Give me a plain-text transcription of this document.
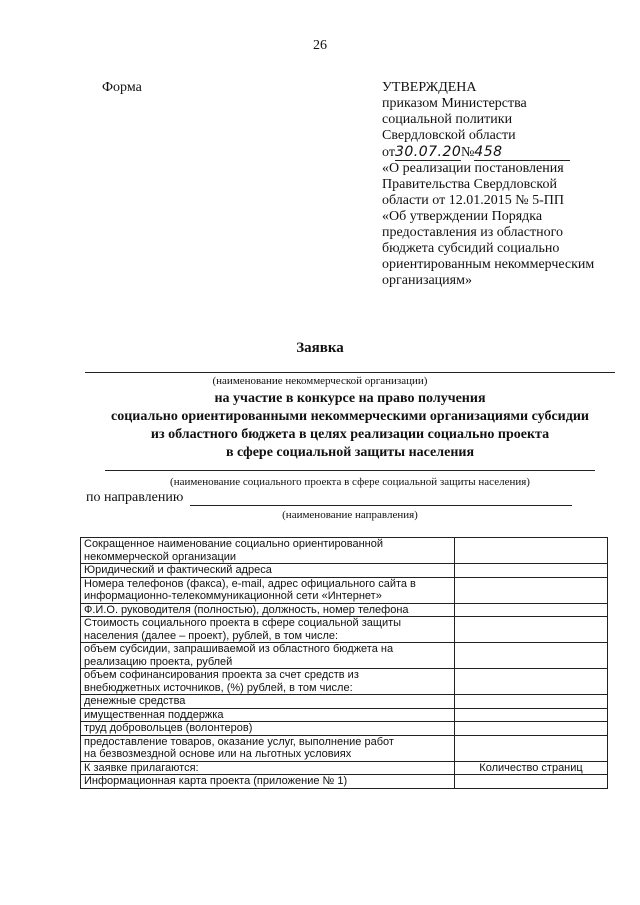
26
Форма	УТВЕРЖДЕНА
приказом Министерства
социальной политики
Свердловской области
от30.07.20№458
«О реализации постановления
Правительства Свердловской
области от 12.01.2015 № 5-ПП
«Об утверждении Порядка
предоставления из областного
бюджета субсидий социально
ориентированным некоммерческим
организациям»
Заявка
(наименование некоммерческой организации)
на участие в конкурсе на право получения
социально ориентированными некоммерческими организациями субсидии
из областного бюджета в целях реализации социально проекта
в сфере социальной защиты населения
(наименование социального проекта в сфере социальной защиты населения)
по направлению
(наименование направления)
Сокращенное наименование социально ориентированной
некоммерческой организации	

Юридический и фактический адреса	

Номера телефонов (факса), e-mail, адрес официального сайта в
информационно-телекоммуникационной сети «Интернет»	

Ф.И.О. руководителя (полностью), должность, номер телефона	

Стоимость социального проекта в сфере социальной защиты
населения (далее – проект), рублей, в том числе:	

объем субсидии, запрашиваемой из областного бюджета на
реализацию проекта, рублей	

объем софинансирования проекта за счет средств из
внебюджетных источников, (%) рублей, в том числе:	

денежные средства	

имущественная поддержка	

труд добровольцев (волонтеров)	

предоставление товаров, оказание услуг, выполнение работ
на безвозмездной основе или на льготных условиях	

К заявке прилагаются:	Количество страниц
Информационная карта проекта (приложение № 1)	
